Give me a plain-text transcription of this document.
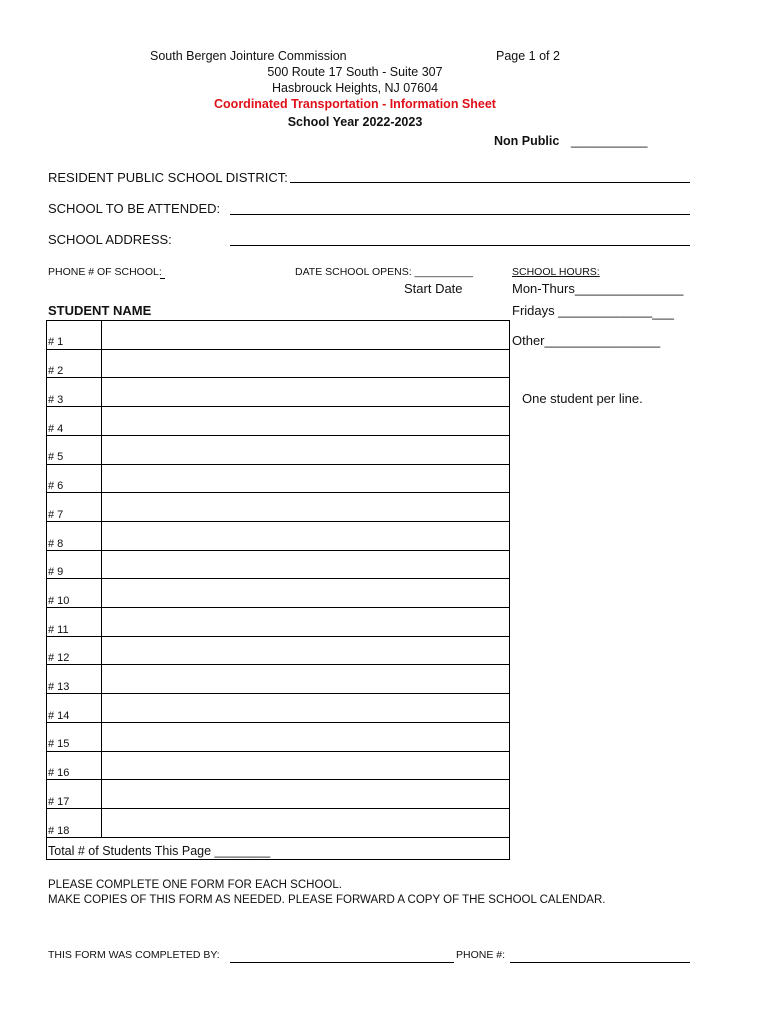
South Bergen Jointure Commission	Page 1 of 2
500 Route 17 South - Suite 307
Hasbrouck Heights, NJ 07604
Coordinated Transportation - Information Sheet
School Year 2022-2023
Non Public ___________
RESIDENT PUBLIC SCHOOL DISTRICT:
SCHOOL TO BE ATTENDED:
SCHOOL ADDRESS:
PHONE # OF SCHOOL:	DATE SCHOOL OPENS: __________	SCHOOL HOURS:
Start Date	Mon-Thurs_______________
STUDENT NAME	Fridays ________________
Other________________
One student per line.
# 1
# 2
# 3
# 4
# 5
# 6
# 7
# 8
# 9
# 10
# 11
# 12
# 13
# 14
# 15
# 16
# 17
# 18
Total # of Students This Page ________
PLEASE COMPLETE ONE FORM FOR EACH SCHOOL.
MAKE COPIES OF THIS FORM AS NEEDED. PLEASE FORWARD A COPY OF THE SCHOOL CALENDAR.
THIS FORM WAS COMPLETED BY:	PHONE #:
